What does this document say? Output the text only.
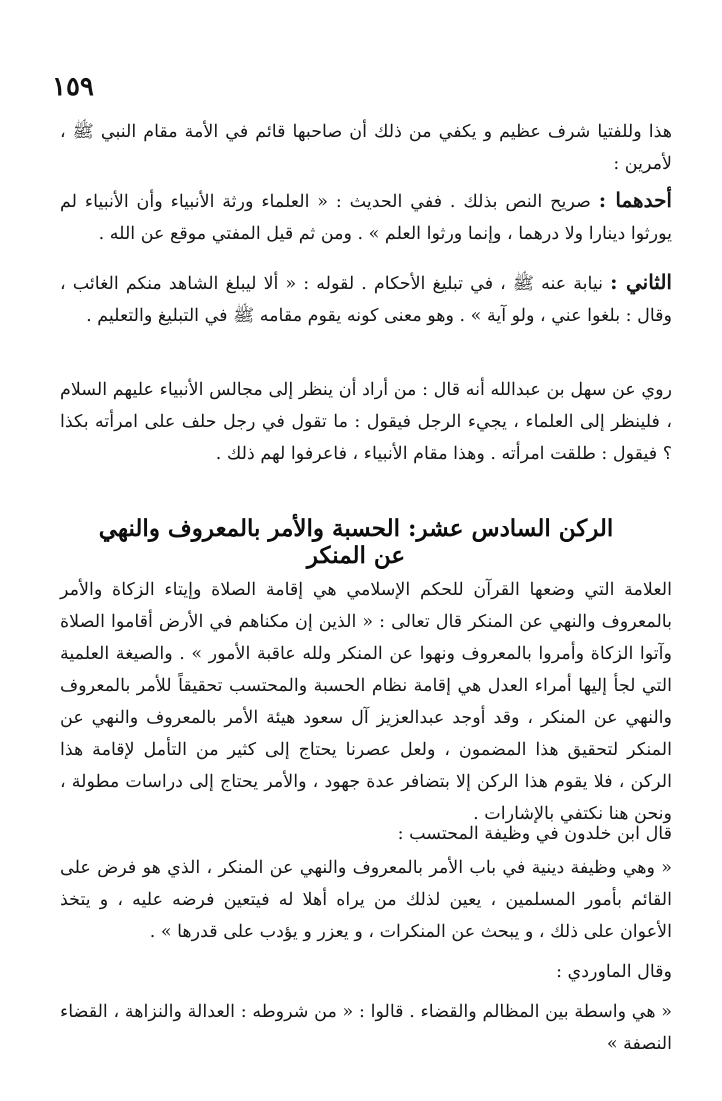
١٥٩

هذا وللفتيا شرف عظيم و يكفي من ذلك أن صاحبها قائم في الأمة مقام النبي ﷺ ، لأمرين :

أحدهما : صريح النص بذلك . ففي الحديث : « العلماء ورثة الأنبياء وأن الأنبياء لم يورثوا دينارا ولا درهما ، وإنما ورثوا العلم » . ومن ثم قيل المفتي موقع عن الله .

الثاني : نيابة عنه ﷺ ، في تبليغ الأحكام . لقوله : « ألا ليبلغ الشاهد منكم الغائب ، وقال : بلغوا عني ، ولو آية » . وهو معنى كونه يقوم مقامه ﷺ في التبليغ والتعليم .

روي عن سهل بن عبدالله أنه قال : من أراد أن ينظر إلى مجالس الأنبياء عليهم السلام ، فلينظر إلى العلماء ، يجيء الرجل فيقول : ما تقول في رجل حلف على امرأته بكذا ؟ فيقول : طلقت امرأته . وهذا مقام الأنبياء ، فاعرفوا لهم ذلك .

الركن السادس عشر: الحسبة والأمر بالمعروف والنهي عن المنكر

العلامة التي وضعها القرآن للحكم الإسلامي هي إقامة الصلاة وإيتاء الزكاة والأمر بالمعروف والنهي عن المنكر قال تعالى : « الذين إن مكناهم في الأرض أقاموا الصلاة وآتوا الزكاة وأمروا بالمعروف ونهوا عن المنكر ولله عاقبة الأمور » . والصيغة العلمية التي لجأ إليها أمراء العدل هي إقامة نظام الحسبة والمحتسب تحقيقاً للأمر بالمعروف والنهي عن المنكر ، وقد أوجد عبدالعزيز آل سعود هيئة الأمر بالمعروف والنهي عن المنكر لتحقيق هذا المضمون ، ولعل عصرنا يحتاج إلى كثير من التأمل لإقامة هذا الركن ، فلا يقوم هذا الركن إلا بتضافر عدة جهود ، والأمر يحتاج إلى دراسات مطولة ، ونحن هنا نكتفي بالإشارات .

قال ابن خلدون في وظيفة المحتسب :

« وهي وظيفة دينية في باب الأمر بالمعروف والنهي عن المنكر ، الذي هو فرض على القائم بأمور المسلمين ، يعين لذلك من يراه أهلا له فيتعين فرضه عليه ، و يتخذ الأعوان على ذلك ، و يبحث عن المنكرات ، و يعزر و يؤدب على قدرها » .

وقال الماوردي :

« هي واسطة بين المظالم والقضاء . قالوا : « من شروطه : العدالة والنزاهة ، القضاء النصفة »
